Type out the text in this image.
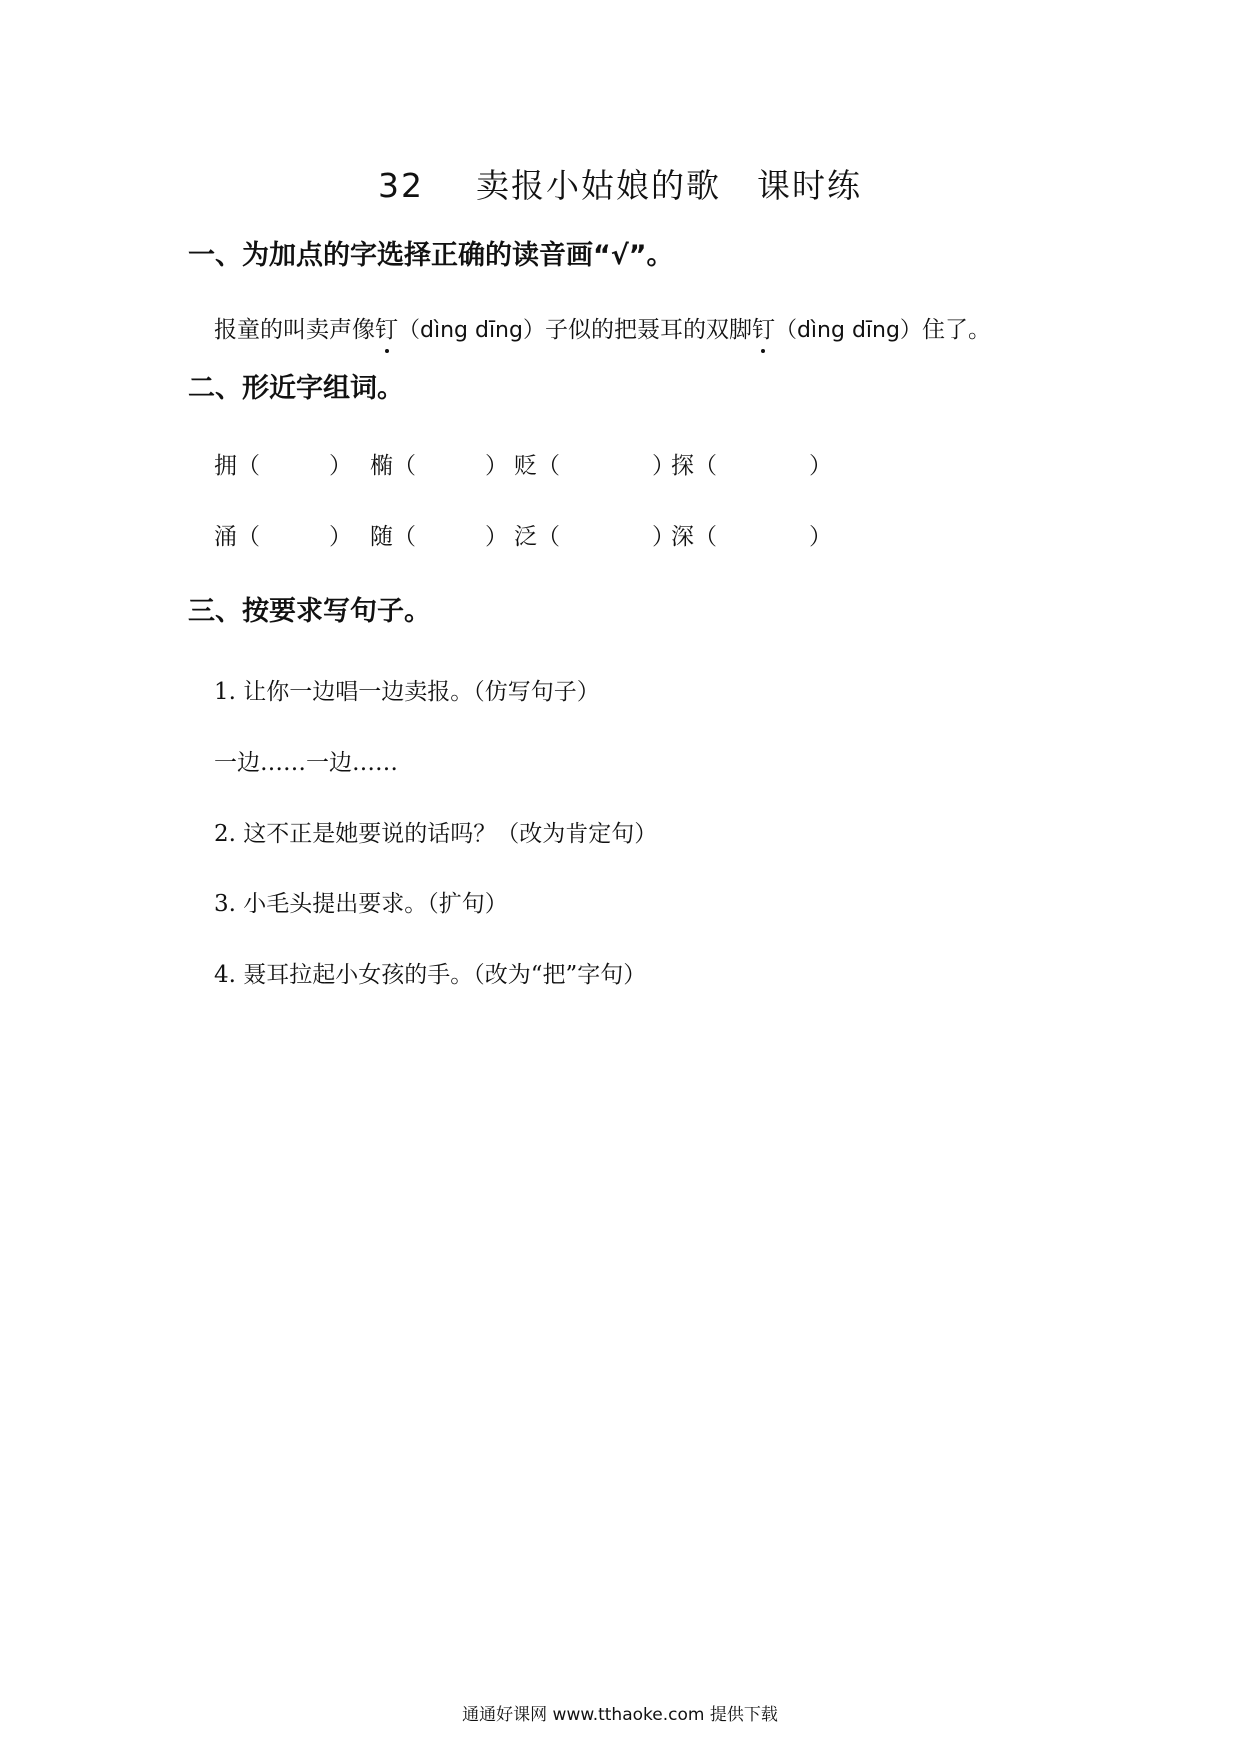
32 卖报小姑娘的歌 课时练
一、为加点的字选择正确的读音画“√”。
报童的叫卖声像钉（dìng dīng）子似的把聂耳的双脚钉（dìng dīng）住了。
二、形近字组词。
拥（　　　） 椭（　　　） 贬（　　　　）
探（　　　　）
涌（　　　） 随（　　　） 泛（　　　　）
深（　　　　）
三、按要求写句子。
1. 让你一边唱一边卖报。（仿写句子）
一边……一边……
2. 这不正是她要说的话吗？（改为肯定句）
3. 小毛头提出要求。（扩句）
4. 聂耳拉起小女孩的手。（改为“把”字句）
通通好课网 www.tthaoke.com 提供下载
